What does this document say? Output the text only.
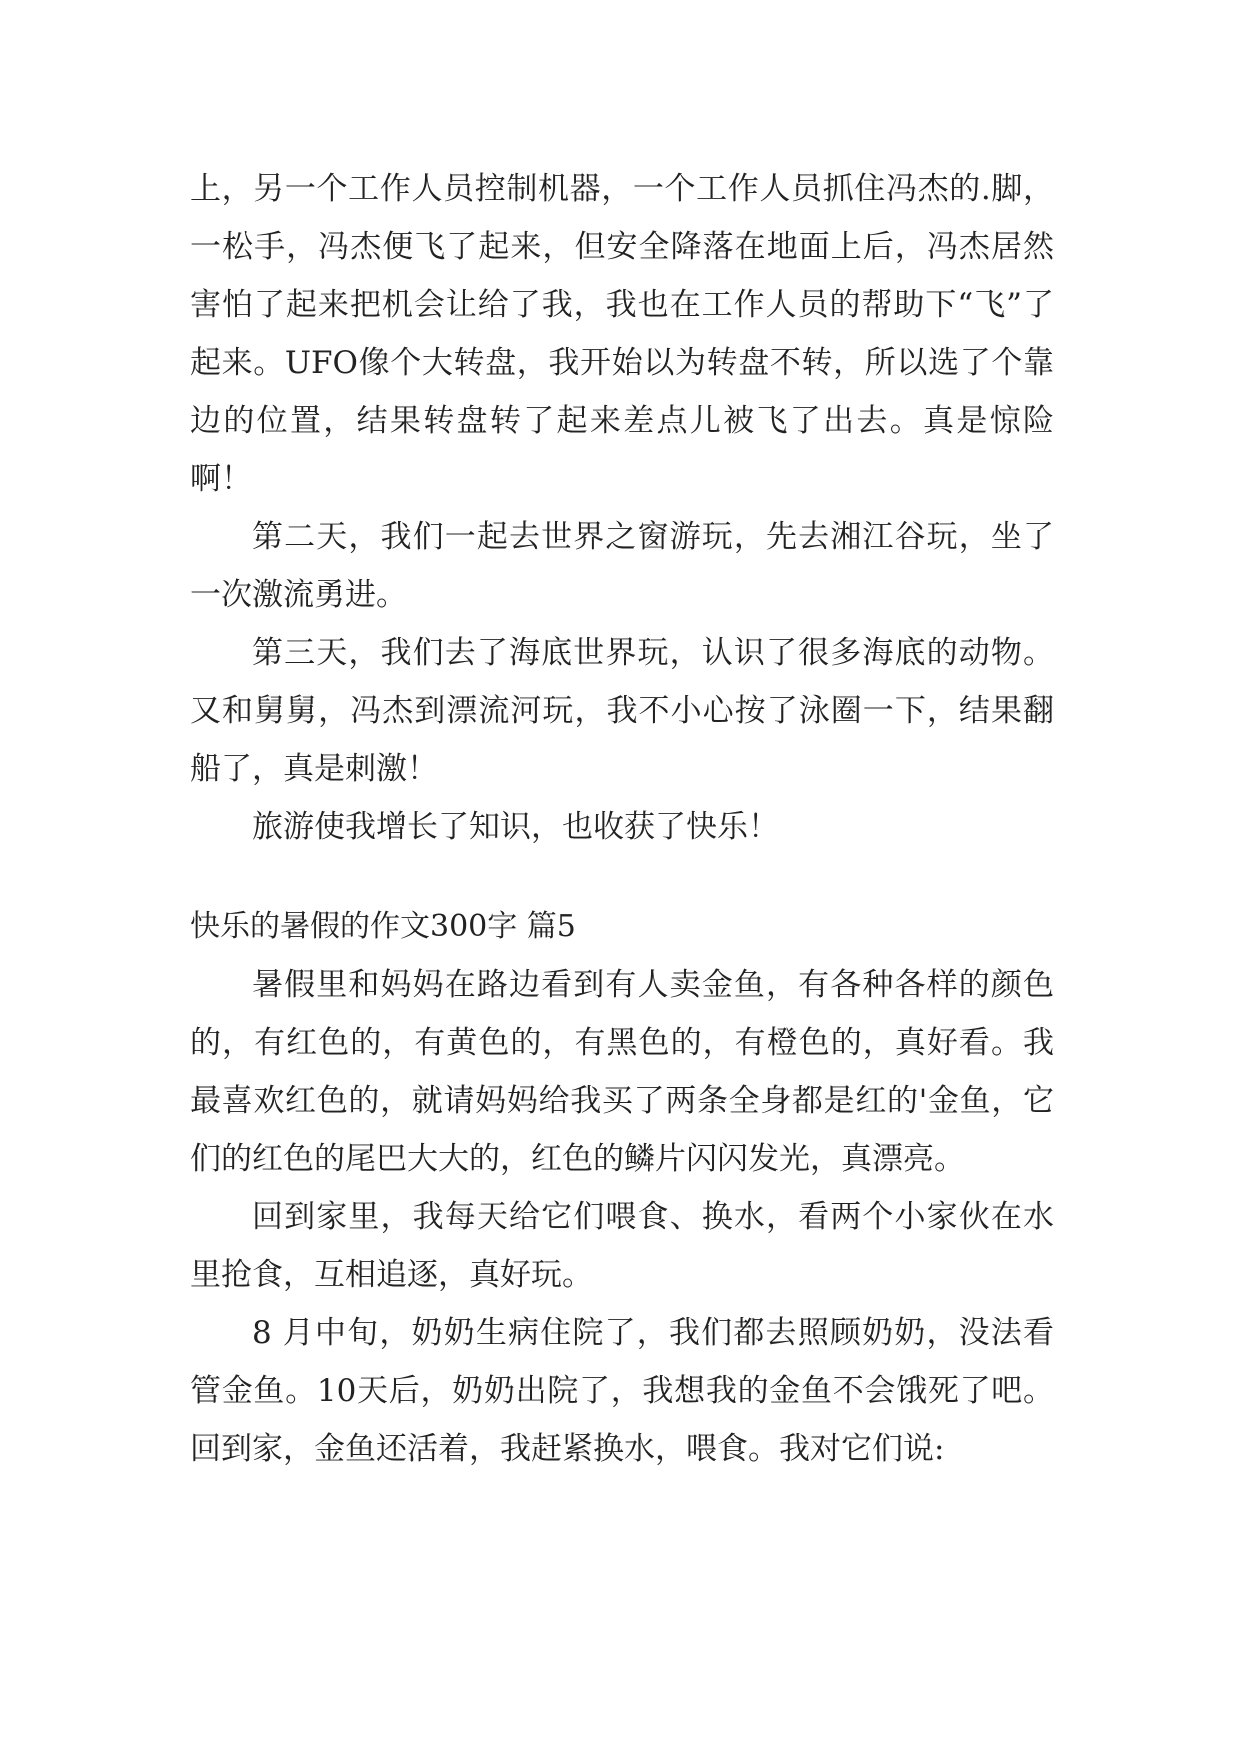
上，另一个工作人员控制机器，一个工作人员抓住冯杰的.脚，一松手，冯杰便飞了起来，但安全降落在地面上后，冯杰居然害怕了起来把机会让给了我，我也在工作人员的帮助下“飞”了起来。UFO像个大转盘，我开始以为转盘不转，所以选了个靠边的位置，结果转盘转了起来差点儿被飞了出去。真是惊险啊！

第二天，我们一起去世界之窗游玩，先去湘江谷玩，坐了一次激流勇进。

第三天，我们去了海底世界玩，认识了很多海底的动物。又和舅舅，冯杰到漂流河玩，我不小心按了泳圈一下，结果翻船了，真是刺激！

旅游使我增长了知识，也收获了快乐！

快乐的暑假的作文300字 篇5

暑假里和妈妈在路边看到有人卖金鱼，有各种各样的颜色的，有红色的，有黄色的，有黑色的，有橙色的，真好看。我最喜欢红色的，就请妈妈给我买了两条全身都是红的'金鱼，它们的红色的尾巴大大的，红色的鳞片闪闪发光，真漂亮。

回到家里，我每天给它们喂食、换水，看两个小家伙在水里抢食，互相追逐，真好玩。

8 月中旬，奶奶生病住院了，我们都去照顾奶奶，没法看管金鱼。10天后，奶奶出院了，我想我的金鱼不会饿死了吧。回到家，金鱼还活着，我赶紧换水，喂食。我对它们说:
